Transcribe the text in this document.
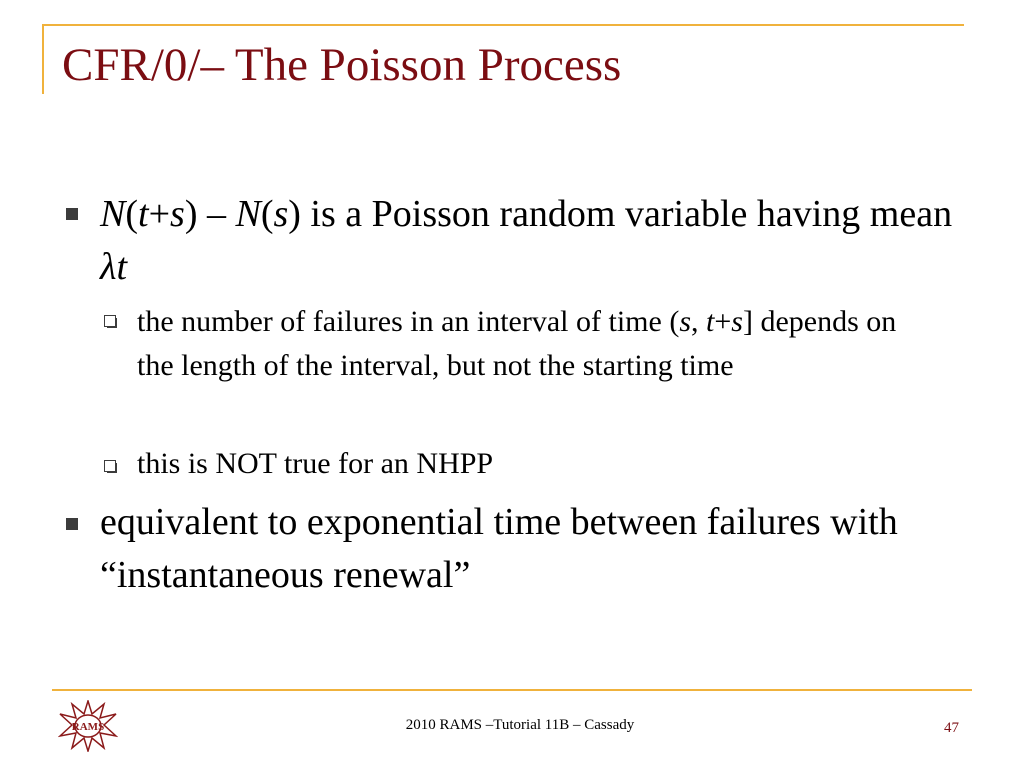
CFR/0/– The Poisson Process
N(t+s) – N(s) is a Poisson random variable having mean λt
the number of failures in an interval of time (s, t+s] depends on the length of the interval, but not the starting time
this is NOT true for an NHPP
equivalent to exponential time between failures with “instantaneous renewal”
RAMS	2010 RAMS –Tutorial 11B – Cassady	47
